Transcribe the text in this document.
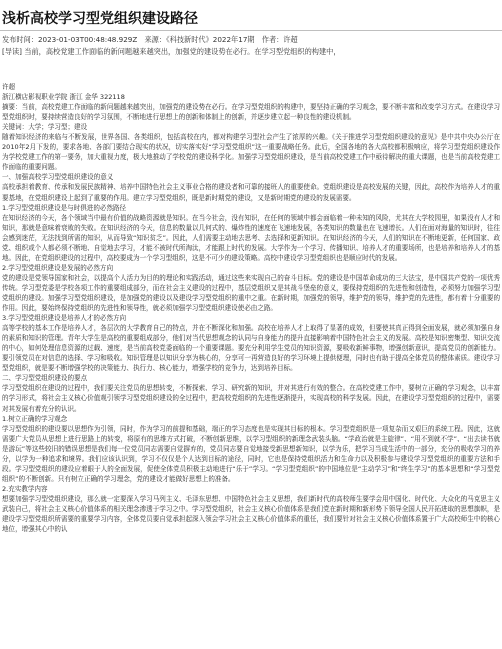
浅析高校学习型党组织建设路径
发布时间：2023-01-03T00:48:48.929Z　来源：《科技新时代》2022年17期　作者：许超
[导读] 当前，高校党建工作面临的新问题越来越突出，加强党的建设势在必行。在学习型党组织的构建中，

许超

浙江横店影视职业学院 浙江 金华 322118

摘要：当前，高校党建工作面临的新问题越来越突出，加强党的建设势在必行。在学习型党组织的构建中，要坚持正确的学习观念，要不断丰富和改变学习方式。在建设学习型党组织时，要持续营造良好的学习氛围，不断地进行思想上的创新和体制上的创新，并逐步建立起一种良性的建设机制。

关键词：大学；学习型；建设

随着知识经济的来临与不断发展，世界各国、各类组织，包括高校在内，都对构建学习型社会产生了浓厚的兴趣。《关于推进学习型党组织建设的意见》是中共中央办公厅在2010年2月下发的，要求各地、各部门要结合现实的状况，切实落实好“学习型党组织”这一重要战略任务。此后，全国各地的各大高校都积极响应，将学习型党组织建设作为学校党建工作的第一要务，加大重视力度，极大地推动了学校党的建设科学化。加强学习型党组织建设，是当前高校党建工作中亟待解决的重大课题，也是当前高校党建工作面临的重要问题。

一、加强高校学习型党组织建设的意义

高校承担着教育、传承和发展民族精神、培养中国特色社会主义事业合格的建设者和可靠的接班人的重要使命。党组织建设是高校发展的关键，因此，高校作为培养人才的重要基地，在党组织建设上起到了重要的作用。建立学习型党组织，既是新时期党的建设，又是新时期党的建设的发展需要。

1.学习型党组织建设是与时俱进的必然路径

在知识经济的今天，各个领域当中最有价值的战略资源就是知识。在当今社会，没有知识，在任何的领域中都会面临着一种未知的风险，尤其在大学校园里，如果没有人才和知识，那就是意味着衰败的失败。在知识经济的今天，信息的数量以几何式的、爆炸性的速度在飞速地发展，各类知识的数量也在飞速增长。人们在面对海量的知识时，往往会感到迷茫，无法找到所需的知识，从而导致“知识贫乏”。因此，人们需要主动地去思考、去选择和更新知识。在知识经济的今天，人们的知识在不断地更新，任何国家、政党、组织或个人都必须不断地、自觉地去学习，才能不被时代所淘汰，才能跟上时代的发展。大学作为一个学习、传播知识、培养人才的重要场所，也是培养和培养人才的基地。因此，在党组织建设的过程中，高校要成为一个学习型组织，这是不可少的建设策略。高校中建设学习型党组织也是顺应时代的发展。

2.学习型党组织建设是发展的必然方向

党的建设是党领导国家和社会，以提高个人活力为目的的理论和实践活动，通过这些来实现自己的奋斗目标。党的建设是中国革命成功的三大法宝，是中国共产党的一项优秀传统。学习型党委是学校各项工作的重要组成部分，而在社会主义建设的过程中，基层党组织又是其战斗堡垒的意义，要保持党组织的先进性和创造性，必须努力加强学习型党组织的建设。加强学习型党组织建设，是加强党的建设以及建设学习型党组织的重中之重。在新时期，加强党的领导，维护党的领导，维护党的先进性，都有着十分重要的作用。因此，要始终保持党组织的先进性和领导性，就必须加强学习型党组织建设使必由之路。

3.学习型党组织建设是培养人才的必然方向

高等学校的基本工作是培养人才，各层次的大学教育自己的特点，并在不断深化和加强。高校在培养人才上取得了显著的成效，但要使其真正得到全面发展，就必须加强自身的素质和知识的管理。青年大学生是高校的重要组成部分，他们对当代思想观念的认同与自身能力的提升直接影响着中国特色社会主义的发展。高校是知识密集型、知识交流的中心，如何处理信息资源的过载、速度，是当前高校党委面临的一个重要课题。要充分利用学生党员的知识资源，要吸收新鲜事物，增强创新意识，提高党员的创新能力。要引领党员在对信息的选择、学习和吸收。知识管理是以知识分享为核心的，分享可一再营造良好的学习环境上提供便理，同时也有助于提高全体党员的整体素质。建设学习型党组织，就是要不断增强学校的决策能力、执行力、核心能力，增强学校的竞争力，达到培养目标。

二、学习型党组织建设的要点

学习型党组织在建设的过程中，我们要关注党员的思想转变，不断探索、学习、研究新的知识，并对其进行有效的整合。在高校党建工作中，要树立正确的学习观念，以丰富的学习形式，将社会主义核心价值观引领学习型党组织建设的全过程中，把高校党组织的先进性逐渐提升，实现高校的科学发展。因此，在建设学习型党组织的过程中，需要对其发展有着充分的认识。

1.树立正确的学习观念

学习型党组织的建设要以思想作为引领，同时，作为学习的前提和基础，端正的学习态度也是实现其目标的根本。学习型党组织是一项复杂而又艰巨的系统工程。因此，这就需要广大党员从思想上进行思路上的转变，将原有的思维方式打破，不断创新思维，以学习型组织的新理念武装头脑。“学政治就是主旋律”、“用不到就不学”、“出去读书就是游玩”等这些较旧的错误思想是我们每一位党员同志需要自觉摒弃的，党员同志要自觉地接受新思想新知识，以学为乐，把学习当成生活中的一部分，充分的吸收学习的养分，以学为一种追求和境界。我们应该认识到，学习不仅仅是个人达到目标的途径，同时，它也是保持党组织活力和生命力以及积极参与建设学习型党组织的重要方法和手段。学习型党组织的建设应着眼于人的全面发展，促使全体党员积极主动地进行“乐于”学习。“学习型党组织”的中国地位是“主动学习”和“终生学习”的基本思想和“学习型党组织”的不断创新。只有树立正确的学习理念，党的建设才能做好思想上的准备。

2.充实教学内容

想要加强学习型党组织建设，那么就一定要深入学习马列主义、毛泽东思想、中国特色社会主义思想，我们新时代的高校师生要学会用中国化、时代化、大众化的马克思主义武装自己，将社会主义核心价值体系的相关理念渗透于学习之中。学习型党组织，社会主义核心价值体系是我们党在新时期和新形势下领导全国人民开拓进取的思想旗帜，是建设学习型党组织所需要的重要学习内容，全体党员要自觉承担起深入领会学习社会主义核心价值体系的重任，我们要针对社会主义核心价值体系置于广大高校师生中的核心地位，增强其心中的认
